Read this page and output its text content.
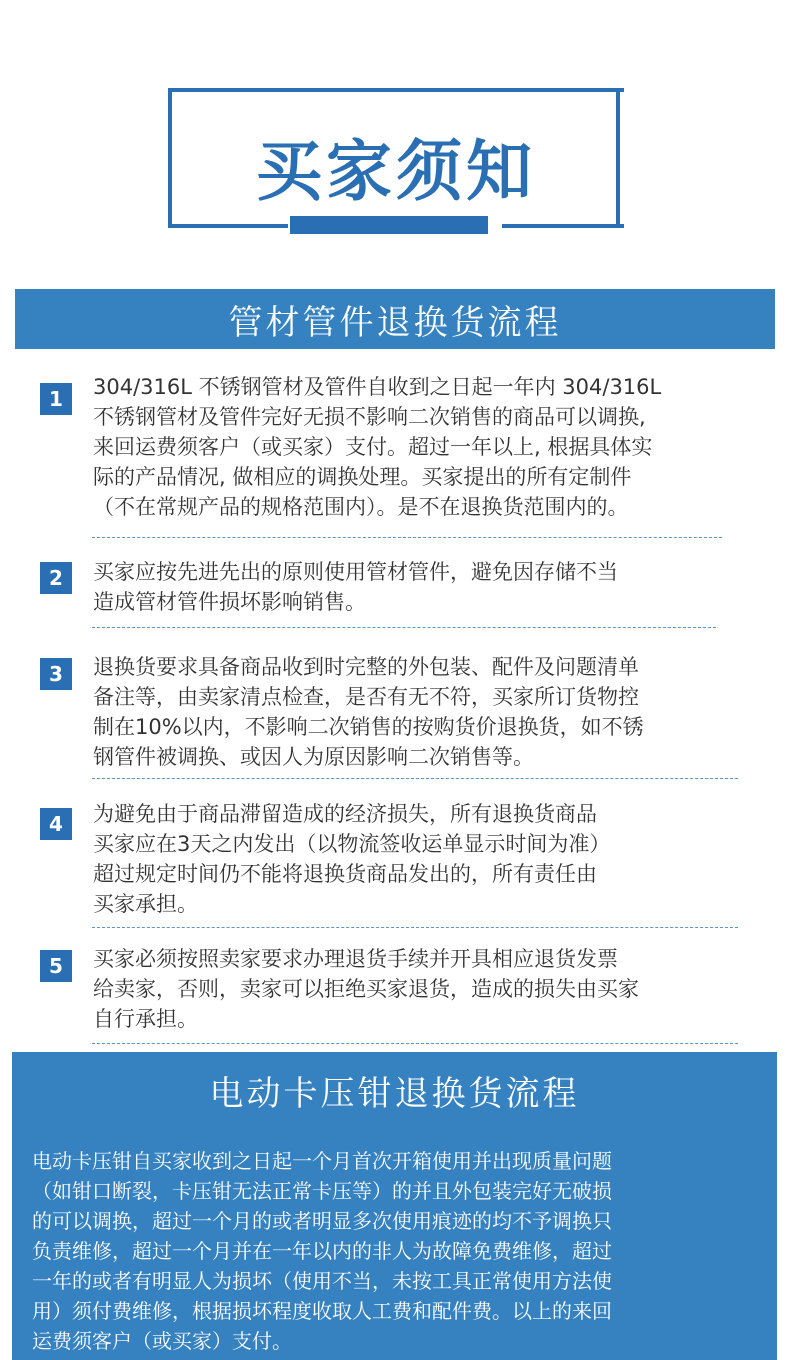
买家须知
管材管件退换货流程
1	304/316L 不锈钢管材及管件自收到之日起一年内 304/316L
不锈钢管材及管件完好无损不影响二次销售的商品可以调换,
来回运费须客户（或买家）支付。超过一年以上, 根据具体实
际的产品情况, 做相应的调换处理。买家提出的所有定制件
（不在常规产品的规格范围内）。是不在退换货范围内的。

2	买家应按先进先出的原则使用管材管件，避免因存储不当
造成管材管件损坏影响销售。

3	退换货要求具备商品收到时完整的外包装、配件及问题清单
备注等，由卖家清点检查，是否有无不符，买家所订货物控
制在10%以内，不影响二次销售的按购货价退换货，如不锈
钢管件被调换、或因人为原因影响二次销售等。

4	为避免由于商品滞留造成的经济损失，所有退换货商品
买家应在3天之内发出（以物流签收运单显示时间为准）
超过规定时间仍不能将退换货商品发出的，所有责任由
买家承担。

5	买家必须按照卖家要求办理退货手续并开具相应退货发票
给卖家，否则，卖家可以拒绝买家退货，造成的损失由买家
自行承担。

电动卡压钳退换货流程

电动卡压钳自买家收到之日起一个月首次开箱使用并出现质量问题
（如钳口断裂，卡压钳无法正常卡压等）的并且外包装完好无破损
的可以调换，超过一个月的或者明显多次使用痕迹的均不予调换只
负责维修，超过一个月并在一年以内的非人为故障免费维修，超过
一年的或者有明显人为损坏（使用不当，未按工具正常使用方法使
用）须付费维修，根据损坏程度收取人工费和配件费。以上的来回
运费须客户（或买家）支付。
